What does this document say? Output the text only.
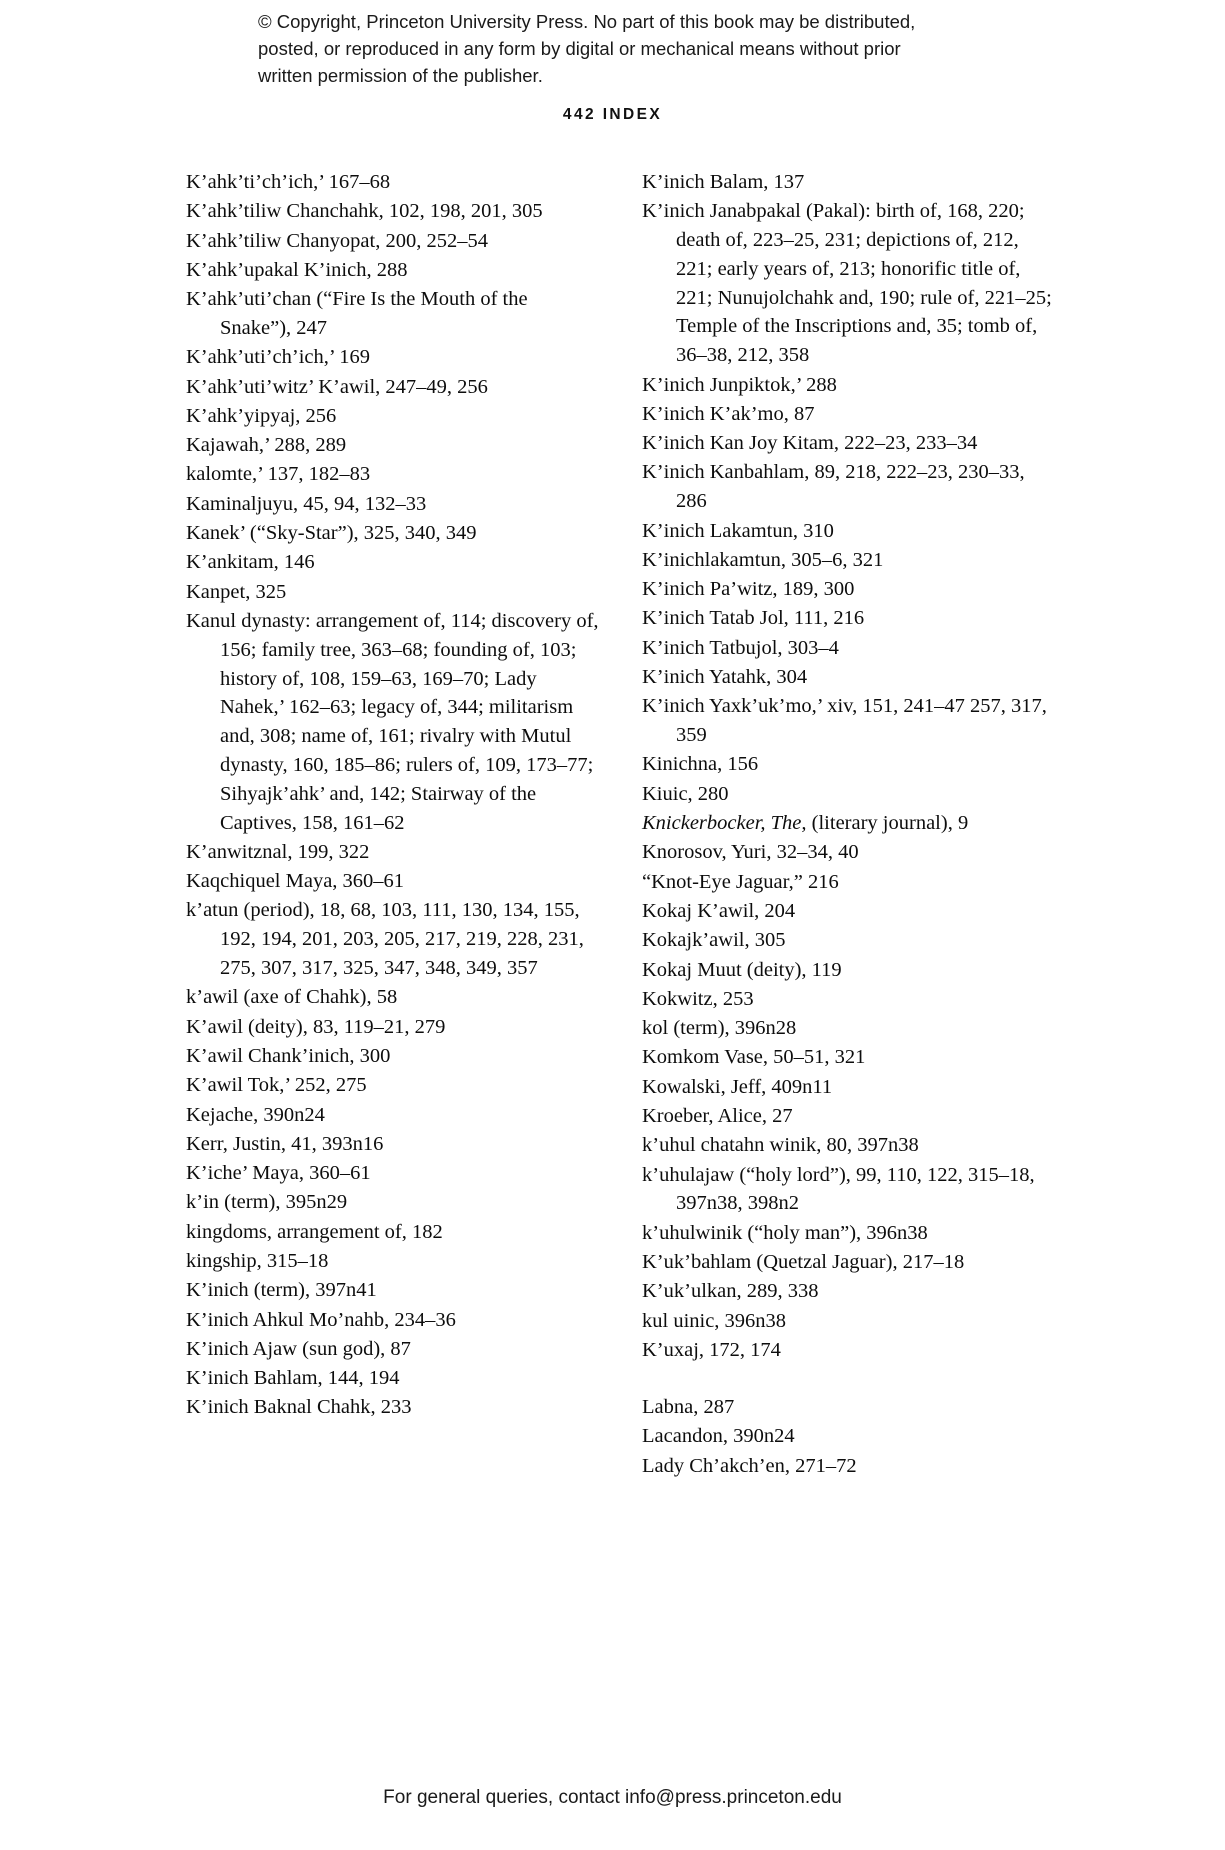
© Copyright, Princeton University Press. No part of this book may be distributed, posted, or reproduced in any form by digital or mechanical means without prior written permission of the publisher.
442 INDEX

K’ahk’ti’ch’ich,’ 167–68

K’ahk’tiliw Chanchahk, 102, 198, 201, 305

K’ahk’tiliw Chanyopat, 200, 252–54

K’ahk’upakal K’inich, 288

K’ahk’uti’chan (“Fire Is the Mouth of the Snake”), 247

K’ahk’uti’ch’ich,’ 169

K’ahk’uti’witz’ K’awil, 247–49, 256

K’ahk’yipyaj, 256

Kajawah,’ 288, 289

kalomte,’ 137, 182–83

Kaminaljuyu, 45, 94, 132–33

Kanek’ (“Sky-Star”), 325, 340, 349

K’ankitam, 146

Kanpet, 325

Kanul dynasty: arrangement of, 114; discovery of, 156; family tree, 363–68; founding of, 103; history of, 108, 159–63, 169–70; Lady Nahek,’ 162–63; legacy of, 344; militarism and, 308; name of, 161; rivalry with Mutul dynasty, 160, 185–86; rulers of, 109, 173–77; Sihyajk’ahk’ and, 142; Stairway of the Captives, 158, 161–62

K’anwitznal, 199, 322

Kaqchiquel Maya, 360–61

k’atun (period), 18, 68, 103, 111, 130, 134, 155, 192, 194, 201, 203, 205, 217, 219, 228, 231, 275, 307, 317, 325, 347, 348, 349, 357

k’awil (axe of Chahk), 58

K’awil (deity), 83, 119–21, 279

K’awil Chank’inich, 300

K’awil Tok,’ 252, 275

Kejache, 390n24

Kerr, Justin, 41, 393n16

K’iche’ Maya, 360–61

k’in (term), 395n29

kingdoms, arrangement of, 182

kingship, 315–18

K’inich (term), 397n41

K’inich Ahkul Mo’nahb, 234–36

K’inich Ajaw (sun god), 87

K’inich Bahlam, 144, 194

K’inich Baknal Chahk, 233

K’inich Balam, 137

K’inich Janabpakal (Pakal): birth of, 168, 220; death of, 223–25, 231; depictions of, 212, 221; early years of, 213; honorific title of, 221; Nunujolchahk and, 190; rule of, 221–25; Temple of the Inscriptions and, 35; tomb of, 36–38, 212, 358

K’inich Junpiktok,’ 288

K’inich K’ak’mo, 87

K’inich Kan Joy Kitam, 222–23, 233–34

K’inich Kanbahlam, 89, 218, 222–23, 230–33, 286

K’inich Lakamtun, 310

K’inichlakamtun, 305–6, 321

K’inich Pa’witz, 189, 300

K’inich Tatab Jol, 111, 216

K’inich Tatbujol, 303–4

K’inich Yatahk, 304

K’inich Yaxk’uk’mo,’ xiv, 151, 241–47 257, 317, 359

Kinichna, 156

Kiuic, 280

Knickerbocker, The, (literary journal), 9

Knorosov, Yuri, 32–34, 40

“Knot-Eye Jaguar,” 216

Kokaj K’awil, 204

Kokajk’awil, 305

Kokaj Muut (deity), 119

Kokwitz, 253

kol (term), 396n28

Komkom Vase, 50–51, 321

Kowalski, Jeff, 409n11

Kroeber, Alice, 27

k’uhul chatahn winik, 80, 397n38

k’uhulajaw (“holy lord”), 99, 110, 122, 315–18, 397n38, 398n2

k’uhulwinik (“holy man”), 396n38

K’uk’bahlam (Quetzal Jaguar), 217–18

K’uk’ulkan, 289, 338

kul uinic, 396n38

K’uxaj, 172, 174

Labna, 287

Lacandon, 390n24

Lady Ch’akch’en, 271–72

For general queries, contact info@press.princeton.edu
